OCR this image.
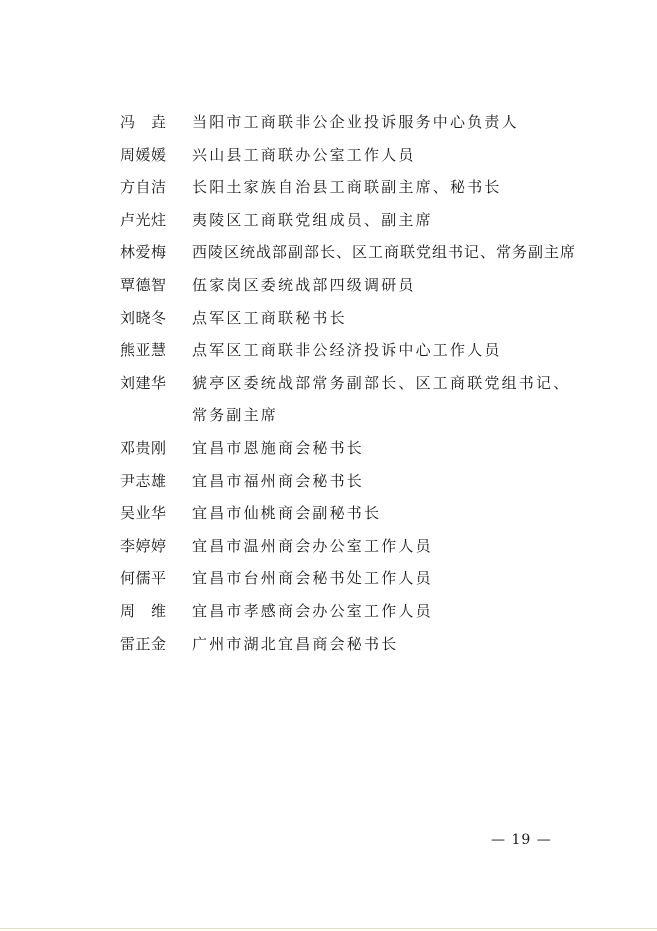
冯　垚	当阳市工商联非公企业投诉服务中心负责人
周媛媛	兴山县工商联办公室工作人员
方自洁	长阳土家族自治县工商联副主席、秘书长
卢光炷	夷陵区工商联党组成员、副主席
林爱梅	西陵区统战部副部长、区工商联党组书记、常务副主席
覃德智	伍家岗区委统战部四级调研员
刘晓冬	点军区工商联秘书长
熊亚慧	点军区工商联非公经济投诉中心工作人员
刘建华	猇亭区委统战部常务副部长、区工商联党组书记、常务副主席
邓贵刚	宜昌市恩施商会秘书长
尹志雄	宜昌市福州商会秘书长
吴业华	宜昌市仙桃商会副秘书长
李婷婷	宜昌市温州商会办公室工作人员
何儒平	宜昌市台州商会秘书处工作人员
周　维	宜昌市孝感商会办公室工作人员
雷正金	广州市湖北宜昌商会秘书长
— 19 —
